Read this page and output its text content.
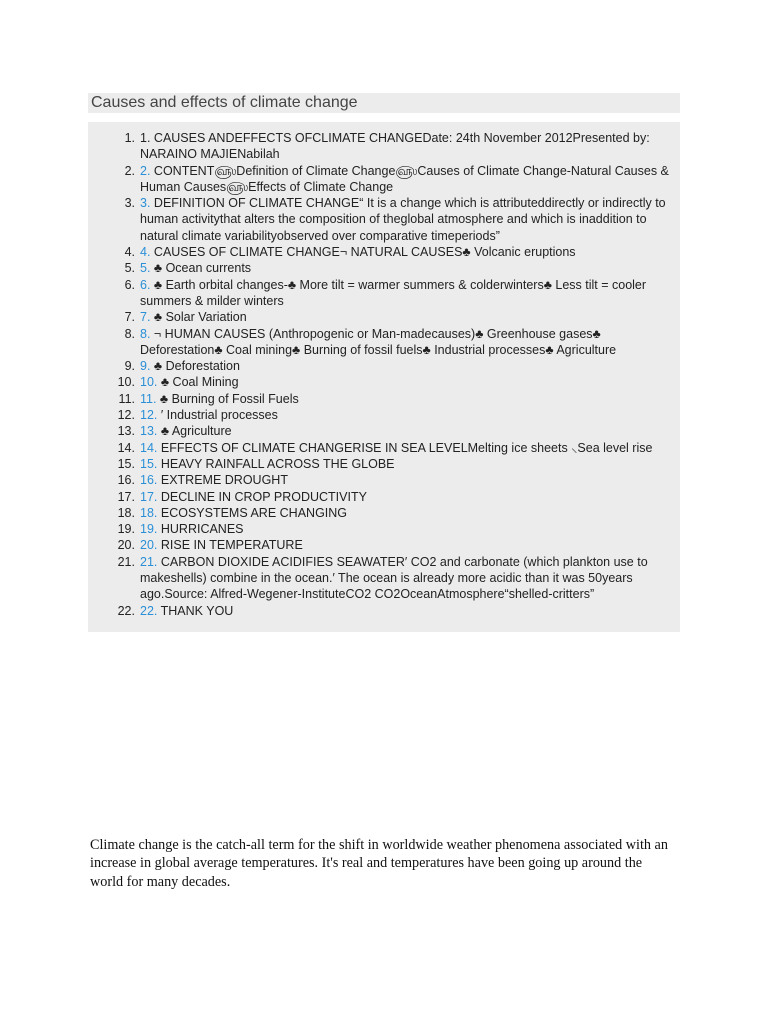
Causes and effects of climate change
1. 1. CAUSES ANDEFFECTS OFCLIMATE CHANGEDate: 24th November 2012Presented by: NARAINO MAJIENabilah
2. 2. CONTENT௵Definition of Climate Change௵Causes of Climate Change-Natural Causes & Human Causes௵Effects of Climate Change
3. 3. DEFINITION OF CLIMATE CHANGE“ It is a change which is attributeddirectly or indirectly to human activitythat alters the composition of theglobal atmosphere and which is inaddition to natural climate variabilityobserved over comparative timeperiods”
4. 4. CAUSES OF CLIMATE CHANGE¬ NATURAL CAUSES♣ Volcanic eruptions
5. 5. ♣ Ocean currents
6. 6. ♣ Earth orbital changes-♣ More tilt = warmer summers & colderwinters♣ Less tilt = cooler summers & milder winters
7. 7. ♣ Solar Variation
8. 8. ¬ HUMAN CAUSES (Anthropogenic or Man-madecauses)♣ Greenhouse gases♣ Deforestation♣ Coal mining♣ Burning of fossil fuels♣ Industrial processes♣ Agriculture
9. 9. ♣ Deforestation
10. 10. ♣ Coal Mining
11. 11. ♣ Burning of Fossil Fuels
12. 12. ′ Industrial processes
13. 13. ♣ Agriculture
14. 14. EFFECTS OF CLIMATE CHANGERISE IN SEA LEVELMelting ice sheets ⸜Sea level rise
15. 15. HEAVY RAINFALL ACROSS THE GLOBE
16. 16. EXTREME DROUGHT
17. 17. DECLINE IN CROP PRODUCTIVITY
18. 18. ECOSYSTEMS ARE CHANGING
19. 19. HURRICANES
20. 20. RISE IN TEMPERATURE
21. 21. CARBON DIOXIDE ACIDIFIES SEAWATER′ CO2 and carbonate (which plankton use to makeshells) combine in the ocean.′ The ocean is already more acidic than it was 50years ago.Source: Alfred-Wegener-InstituteCO2 CO2OceanAtmosphere“shelled-critters”
22. 22. THANK YOU
Climate change is the catch-all term for the shift in worldwide weather phenomena associated with an increase in global average temperatures. It's real and temperatures have been going up around the world for many decades.
